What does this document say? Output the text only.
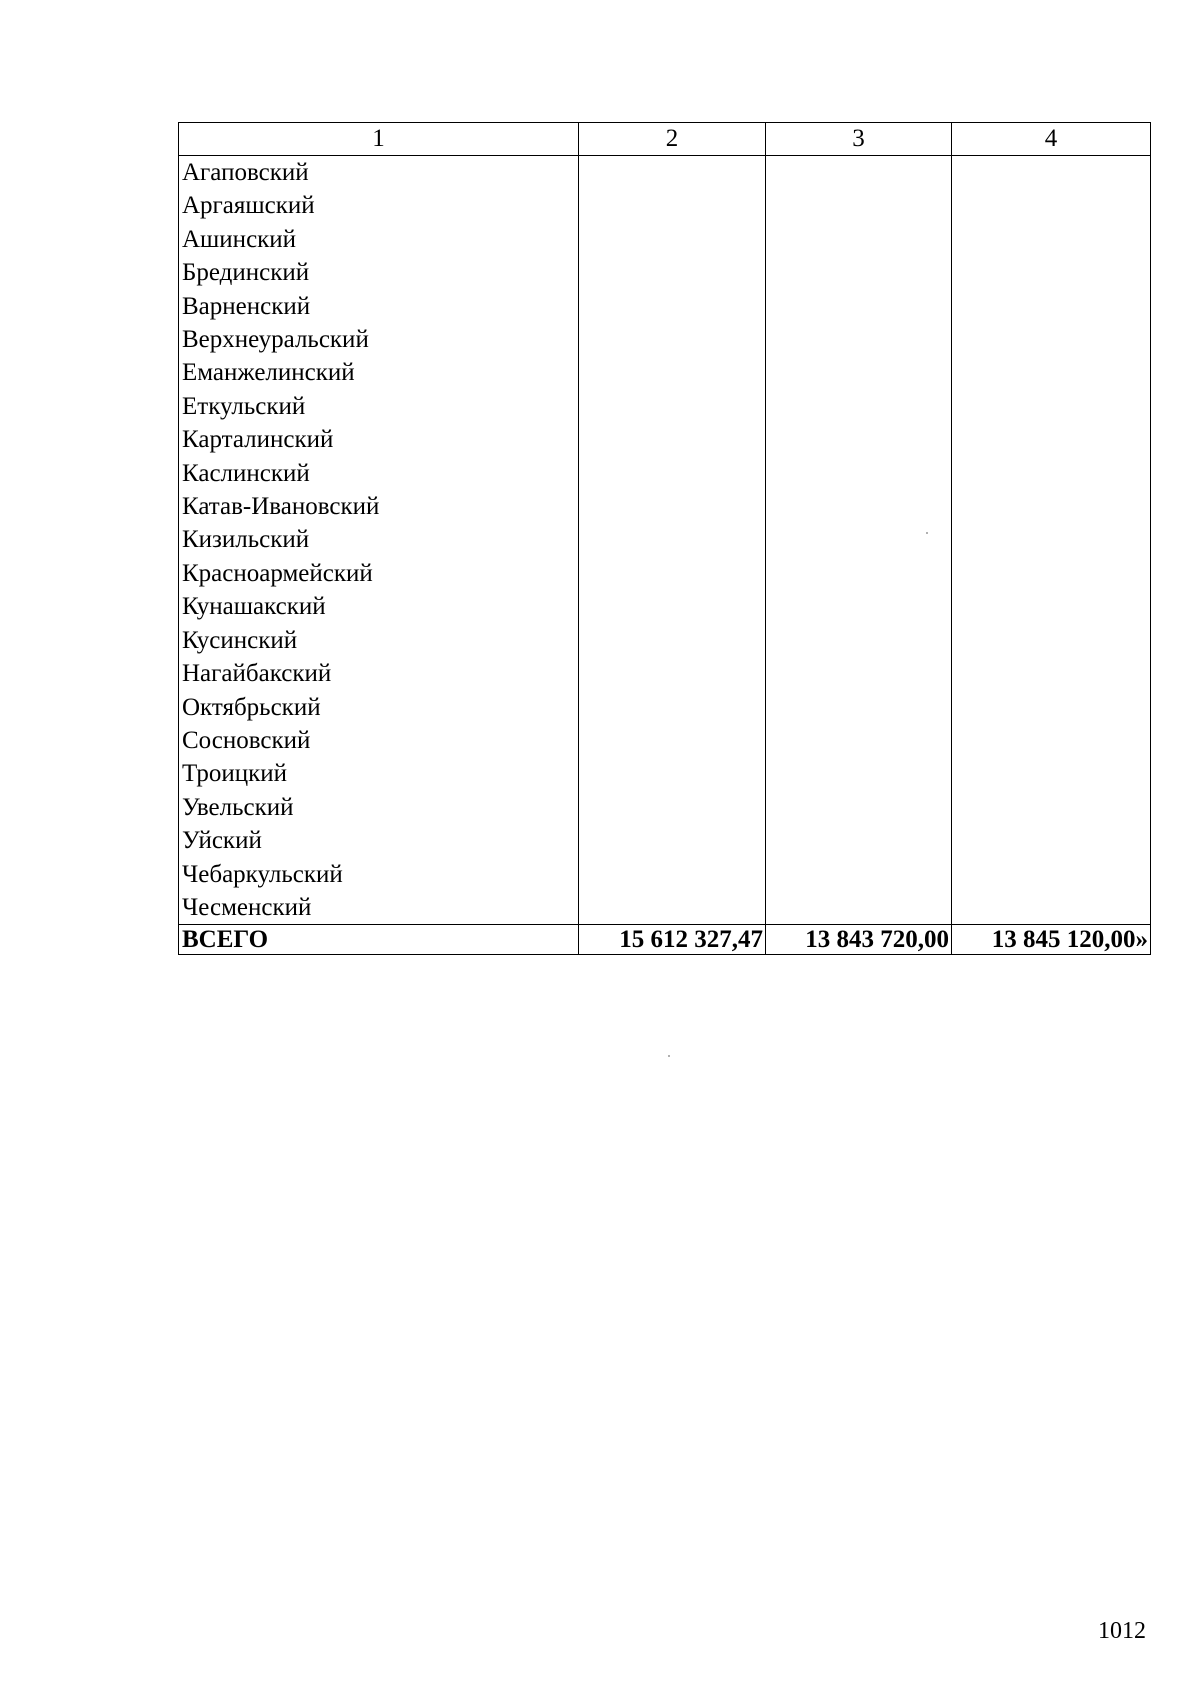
1	2	3	4
Агаповский			
Аргаяшский			
Ашинский			
Брединский			
Варненский			
Верхнеуральский			
Еманжелинский			
Еткульский			
Карталинский			
Каслинский			
Катав-Ивановский			
Кизильский			
Красноармейский			
Кунашакский			
Кусинский			
Нагайбакский			
Октябрьский			
Сосновский			
Троицкий			
Увельский			
Уйский			
Чебаркульский			
Чесменский			
ВСЕГО	15 612 327,47	13 843 720,00	13 845 120,00»
1012
